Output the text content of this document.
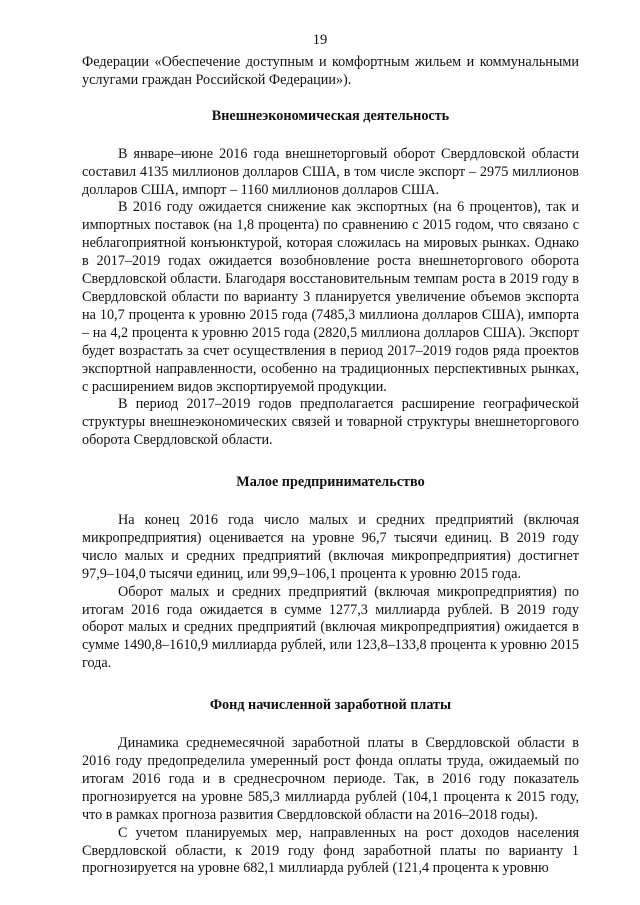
19

Федерации «Обеспечение доступным и комфортным жильем и коммунальными услугами граждан Российской Федерации»).

Внешнеэкономическая деятельность

В январе–июне 2016 года внешнеторговый оборот Свердловской области составил 4135 миллионов долларов США, в том числе экспорт – 2975 миллионов долларов США, импорт – 1160 миллионов долларов США.

В 2016 году ожидается снижение как экспортных (на 6 процентов), так и импортных поставок (на 1,8 процента) по сравнению с 2015 годом, что связано с неблагоприятной конъюнктурой, которая сложилась на мировых рынках. Однако в 2017–2019 годах ожидается возобновление роста внешнеторгового оборота Свердловской области. Благодаря восстановительным темпам роста в 2019 году в Свердловской области по варианту 3 планируется увеличение объемов экспорта на 10,7 процента к уровню 2015 года (7485,3 миллиона долларов США), импорта – на 4,2 процента к уровню 2015 года (2820,5 миллиона долларов США). Экспорт будет возрастать за счет осуществления в период 2017–2019 годов ряда проектов экспортной направленности, особенно на традиционных перспективных рынках, с расширением видов экспортируемой продукции.

В период 2017–2019 годов предполагается расширение географической структуры внешнеэкономических связей и товарной структуры внешнеторгового оборота Свердловской области.

Малое предпринимательство

На конец 2016 года число малых и средних предприятий (включая микропредприятия) оценивается на уровне 96,7 тысячи единиц. В 2019 году число малых и средних предприятий (включая микропредприятия) достигнет 97,9–104,0 тысячи единиц, или 99,9–106,1 процента к уровню 2015 года.

Оборот малых и средних предприятий (включая микропредприятия) по итогам 2016 года ожидается в сумме 1277,3 миллиарда рублей. В 2019 году оборот малых и средних предприятий (включая микропредприятия) ожидается в сумме 1490,8–1610,9 миллиарда рублей, или 123,8–133,8 процента к уровню 2015 года.

Фонд начисленной заработной платы

Динамика среднемесячной заработной платы в Свердловской области в 2016 году предопределила умеренный рост фонда оплаты труда, ожидаемый по итогам 2016 года и в среднесрочном периоде. Так, в 2016 году показатель прогнозируется на уровне 585,3 миллиарда рублей (104,1 процента к 2015 году, что в рамках прогноза развития Свердловской области на 2016–2018 годы).

С учетом планируемых мер, направленных на рост доходов населения Свердловской области, к 2019 году фонд заработной платы по варианту 1 прогнозируется на уровне 682,1 миллиарда рублей (121,4 процента к уровню
